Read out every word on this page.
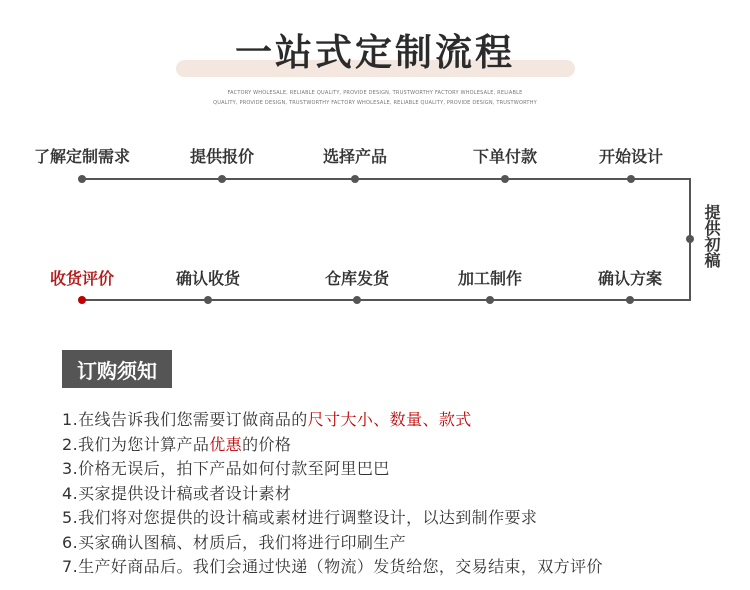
一站式定制流程
FACTORY WHOLESALE, RELIABLE QUALITY, PROVIDE DESIGN, TRUSTWORTHY FACTORY WHOLESALE, RELIABLE
QUALITY, PROVIDE DESIGN, TRUSTWORTHY FACTORY WHOLESALE, RELIABLE QUALITY, PROVIDE DESIGN, TRUSTWORTHY
了解定制需求	提供报价	选择产品	下单付款	开始设计
提供初稿
收货评价	确认收货	仓库发货	加工制作	确认方案
订购须知
1.在线告诉我们您需要订做商品的尺寸大小、数量、款式
2.我们为您计算产品优惠的价格
3.价格无误后，拍下产品如何付款至阿里巴巴
4.买家提供设计稿或者设计素材
5.我们将对您提供的设计稿或素材进行调整设计，以达到制作要求
6.买家确认图稿、材质后，我们将进行印刷生产
7.生产好商品后。我们会通过快递（物流）发货给您，交易结束，双方评价
